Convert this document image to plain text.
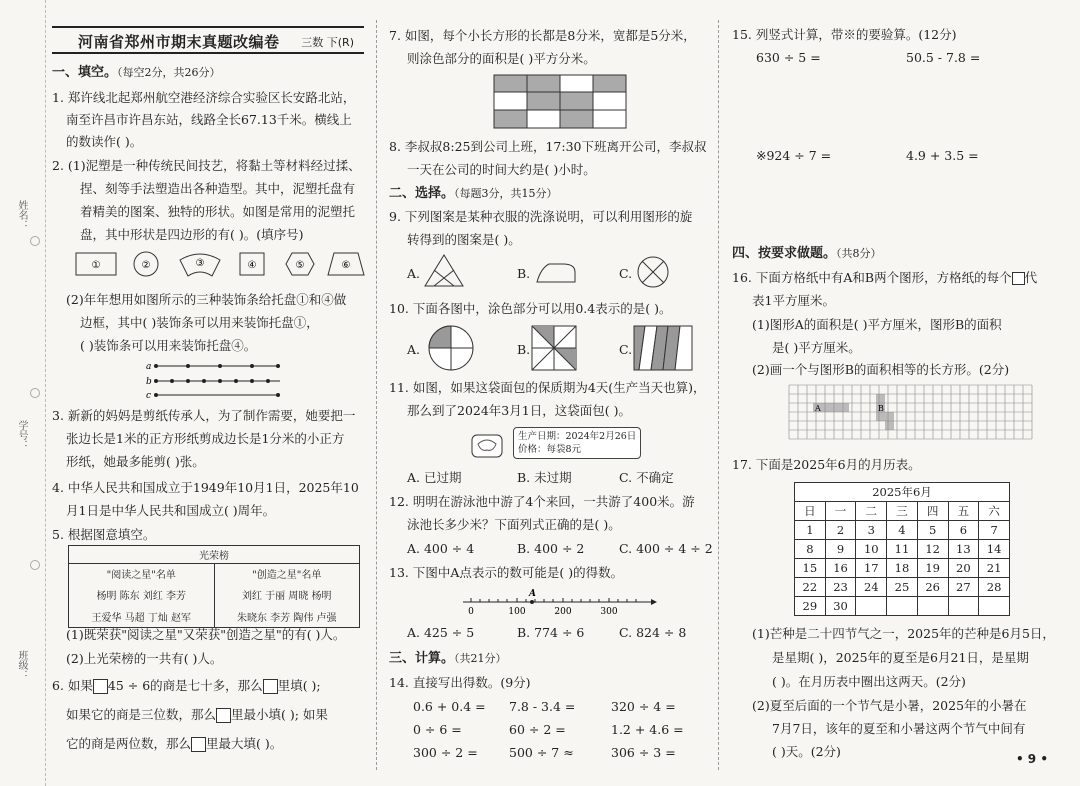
姓名：
学号：
班级：
河南省郑州市期末真题改编卷 三数 下(R)
一、填空。（每空2分，共26分）
1. 郑许线北起郑州航空港经济综合实验区长安路北站，
南至许昌市许昌东站，线路全长67.13千米。横线上
的数读作( )。
2. (1)泥塑是一种传统民间技艺，将黏土等材料经过揉、
捏、刻等手法塑造出各种造型。其中，泥塑托盘有
着精美的图案、独特的形状。如图是常用的泥塑托
盘，其中形状是四边形的有( )。(填序号)
①	②	③	④	⑤	⑥
(2)年年想用如图所示的三种装饰条给托盘①和④做
边框，其中( )装饰条可以用来装饰托盘①，
( )装饰条可以用来装饰托盘④。
a
b
c
3. 新新的妈妈是剪纸传承人，为了制作需要，她要把一
张边长是1米的正方形纸剪成边长是1分米的小正方
形纸，她最多能剪( )张。
4. 中华人民共和国成立于1949年10月1日，2025年10
月1日是中华人民共和国成立( )周年。
5. 根据图意填空。
光荣榜	
"阅读之星"名单	"创造之星"名单
杨明 陈东 刘红 李芳	刘红 于丽 周晓 杨明
王爱华 马超 丁灿 赵军	朱晓东 李芳 陶伟 卢强
(1)既荣获"阅读之星"又荣获"创造之星"的有( )人。
(2)上光荣榜的一共有( )人。
6. 如果 45 ÷ 6的商是七十多，那么 里填( );
如果它的商是三位数，那么 里最小填( ); 如果
它的商是两位数，那么 里最大填( )。
7. 如图，每个小长方形的长都是8分米，宽都是5分米，
则涂色部分的面积是( )平方分米。
8. 李叔叔8:25到公司上班，17:30下班离开公司，李叔叔
一天在公司的时间大约是( )小时。
二、选择。（每题3分，共15分）
9. 下列图案是某种衣服的洗涤说明，可以利用图形的旋
转得到的图案是( )。
A.	B.	C.
10. 下面各图中，涂色部分可以用0.4表示的是( )。
A.	B.	C.
11. 如图，如果这袋面包的保质期为4天(生产当天也算)，
那么到了2024年3月1日，这袋面包( )。
生产日期：2024年2月26日
价格：每袋8元
A. 已过期	B. 未过期	C. 不确定
12. 明明在游泳池中游了4个来回，一共游了400米。游
泳池长多少米？下面列式正确的是( )。
A. 400 ÷ 4	B. 400 ÷ 2	C. 400 ÷ 4 ÷ 2
13. 下图中A点表示的数可能是( )的得数。
A
0	100	200	300
A. 425 ÷ 5	B. 774 ÷ 6	C. 824 ÷ 8
三、计算。（共21分）
14. 直接写出得数。(9分)
0.6 + 0.4 = 7.8 - 3.4 =	320 ÷ 4 =
0 ÷ 6 =	60 ÷ 2 =	1.2 + 4.6 =
300 ÷ 2 =	500 ÷ 7 ≈	306 ÷ 3 =
15. 列竖式计算，带※的要验算。(12分)
630 ÷ 5 =	50.5 - 7.8 =
※924 ÷ 7 =	4.9 + 3.5 =
四、按要求做题。（共8分）
16. 下面方格纸中有A和B两个图形，方格纸的每个 代
表1平方厘米。
(1)图形A的面积是( )平方厘米，图形B的面积
是( )平方厘米。
(2)画一个与图形B的面积相等的长方形。(2分)
A	B
17. 下面是2025年6月的月历表。
2025年6月						
日	一	二	三	四	五	六
1	2	3	4	5	6	7
8	9	10	11	12	13	14
15	16	17	18	19	20	21
22	23	24	25	26	27	28
29	30					
(1)芒种是二十四节气之一，2025年的芒种是6月5日，
是星期( )，2025年的夏至是6月21日，是星期
( )。在月历表中圈出这两天。(2分)
(2)夏至后面的一个节气是小暑，2025年的小暑在
7月7日，该年的夏至和小暑这两个节气中间有
( )天。(2分)	• 9 •
